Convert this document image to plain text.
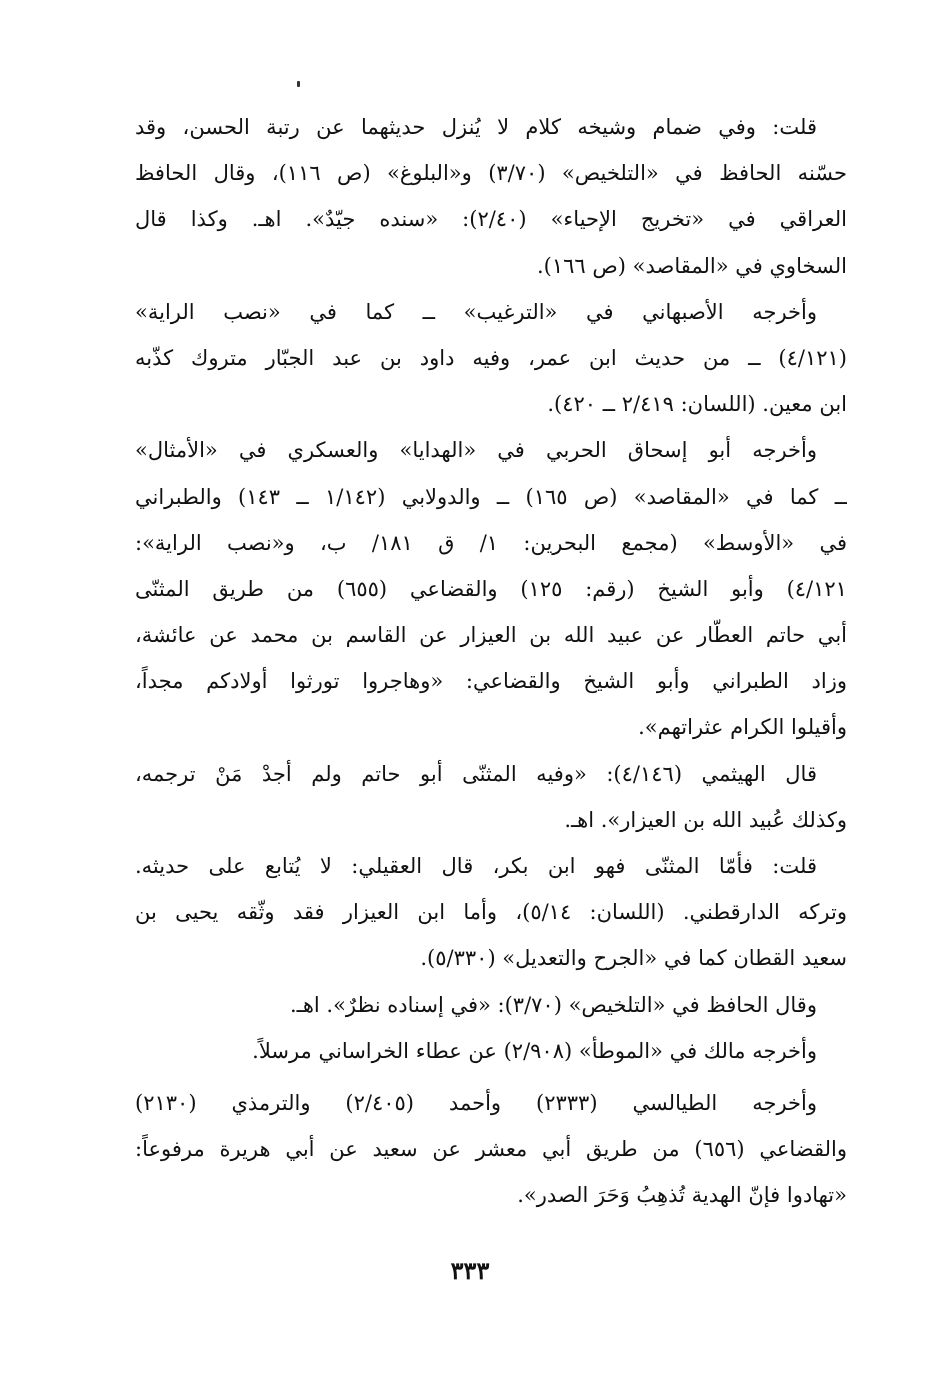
قلت: وفي ضمام وشيخه كلام لا يُنزل حديثهما عن رتبة الحسن، وقد
حسّنه الحافظ في «التلخيص» (٣/٧٠) و«البلوغ» (ص ١١٦)، وقال الحافظ
العراقي في «تخريج الإحياء» (٢/٤٠): «سنده جيّدٌ». اهـ. وكذا قال
السخاوي في «المقاصد» (ص ١٦٦).
وأخرجه الأصبهاني في «الترغيب» ــ كما في «نصب الراية»
(٤/١٢١) ــ من حديث ابن عمر، وفيه داود بن عبد الجبّار متروك كذّبه
ابن معين. (اللسان: ٢/٤١٩ ــ ٤٢٠).
وأخرجه أبو إسحاق الحربي في «الهدايا» والعسكري في «الأمثال»
ــ كما في «المقاصد» (ص ١٦٥) ــ والدولابي (١/١٤٢ ــ ١٤٣) والطبراني
في «الأوسط» (مجمع البحرين: ١/ ق ١٨١/ ب، و«نصب الراية»:
٤/١٢١) وأبو الشيخ (رقم: ١٢٥) والقضاعي (٦٥٥) من طريق المثنّى
أبي حاتم العطّار عن عبيد الله بن العيزار عن القاسم بن محمد عن عائشة،
وزاد الطبراني وأبو الشيخ والقضاعي: «وهاجروا تورثوا أولادكم مجداً،
وأقيلوا الكرام عثراتهم».
قال الهيثمي (٤/١٤٦): «وفيه المثنّى أبو حاتم ولم أجدْ مَنْ ترجمه،
وكذلك عُبيد الله بن العيزار». اهـ.
قلت: فأمّا المثنّى فهو ابن بكر، قال العقيلي: لا يُتابع على حديثه.
وتركه الدارقطني. (اللسان: ٥/١٤)، وأما ابن العيزار فقد وثّقه يحيى بن
سعيد القطان كما في «الجرح والتعديل» (٥/٣٣٠).
وقال الحافظ في «التلخيص» (٣/٧٠): «في إسناده نظرٌ». اهـ.
وأخرجه مالك في «الموطأ» (٢/٩٠٨) عن عطاء الخراساني مرسلاً.
وأخرجه الطيالسي (٢٣٣٣) وأحمد (٢/٤٠٥) والترمذي (٢١٣٠)
والقضاعي (٦٥٦) من طريق أبي معشر عن سعيد عن أبي هريرة مرفوعاً:
«تهادوا فإنّ الهدية تُذهِبُ وَحَرَ الصدر».
٣٣٣
